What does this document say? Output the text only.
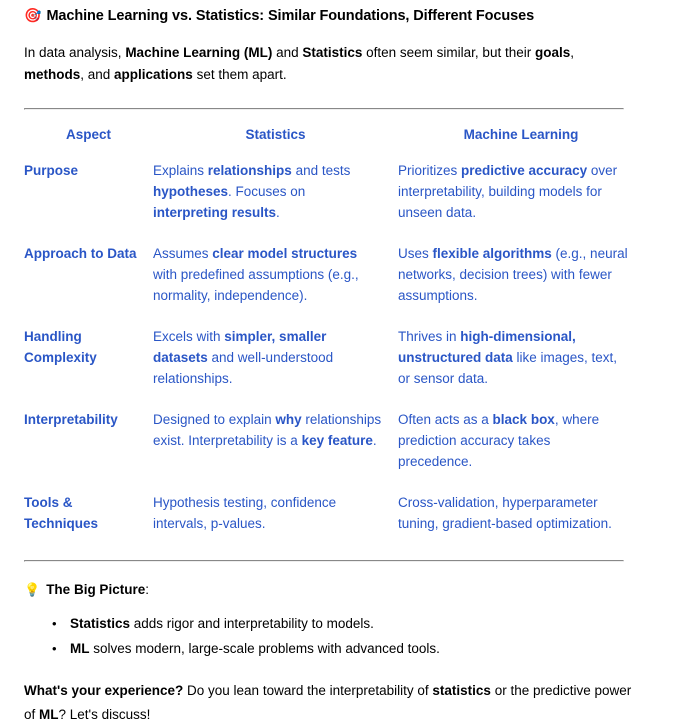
🎯 Machine Learning vs. Statistics: Similar Foundations, Different Focuses

In data analysis, Machine Learning (ML) and Statistics often seem similar, but their goals, methods, and applications set them apart.

Aspect	Statistics	Machine Learning
Purpose	Explains relationships and tests hypotheses. Focuses on interpreting results.	Prioritizes predictive accuracy over interpretability, building models for unseen data.
Approach to Data	Assumes clear model structures with predefined assumptions (e.g., normality, independence).	Uses flexible algorithms (e.g., neural networks, decision trees) with fewer assumptions.
Handling Complexity	Excels with simpler, smaller datasets and well-understood relationships.	Thrives in high-dimensional, unstructured data like images, text, or sensor data.
Interpretability	Designed to explain why relationships exist. Interpretability is a key feature.	Often acts as a black box, where prediction accuracy takes precedence.
Tools & Techniques	Hypothesis testing, confidence intervals, p-values.	Cross-validation, hyperparameter tuning, gradient-based optimization.
💡 The Big Picture:
• Statistics adds rigor and interpretability to models.
• ML solves modern, large-scale problems with advanced tools.

What's your experience? Do you lean toward the interpretability of statistics or the predictive power of ML? Let's discuss!
